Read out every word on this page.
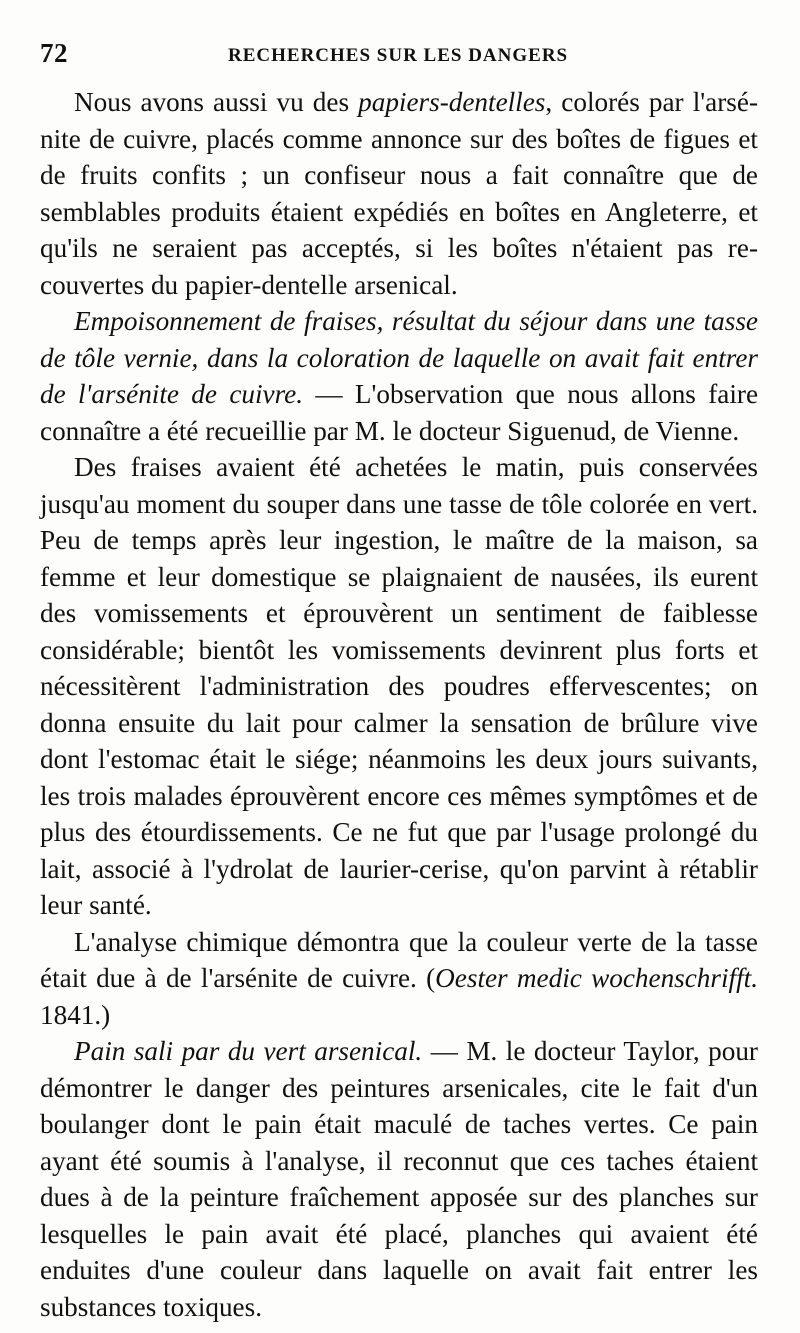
72	RECHERCHES SUR LES DANGERS

Nous avons aussi vu des papiers-dentelles, colorés par l'arsénite de cuivre, placés comme annonce sur des boîtes de figues et de fruits confits ; un confiseur nous a fait connaître que de semblables produits étaient expédiés en boîtes en Angleterre, et qu'ils ne seraient pas acceptés, si les boîtes n'étaient pas recouvertes du papier-dentelle arsenical.

Empoisonnement de fraises, résultat du séjour dans une tasse de tôle vernie, dans la coloration de laquelle on avait fait entrer de l'arsénite de cuivre. — L'observation que nous allons faire connaître a été recueillie par M. le docteur Siguenud, de Vienne.

Des fraises avaient été achetées le matin, puis conservées jusqu'au moment du souper dans une tasse de tôle colorée en vert. Peu de temps après leur ingestion, le maître de la maison, sa femme et leur domestique se plaignaient de nausées, ils eurent des vomissements et éprouvèrent un sentiment de faiblesse considérable; bientôt les vomissements devinrent plus forts et nécessitèrent l'administration des poudres effervescentes; on donna ensuite du lait pour calmer la sensation de brûlure vive dont l'estomac était le siége; néanmoins les deux jours suivants, les trois malades éprouvèrent encore ces mêmes symptômes et de plus des étourdissements. Ce ne fut que par l'usage prolongé du lait, associé à l'ydrolat de laurier-cerise, qu'on parvint à rétablir leur santé.

L'analyse chimique démontra que la couleur verte de la tasse était due à de l'arsénite de cuivre. (Oester medic wochenschrifft. 1841.)

Pain sali par du vert arsenical. — M. le docteur Taylor, pour démontrer le danger des peintures arsenicales, cite le fait d'un boulanger dont le pain était maculé de taches vertes. Ce pain ayant été soumis à l'analyse, il reconnut que ces taches étaient dues à de la peinture fraîchement apposée sur des planches sur lesquelles le pain avait été placé, planches qui avaient été enduites d'une couleur dans laquelle on avait fait entrer les substances toxiques.
